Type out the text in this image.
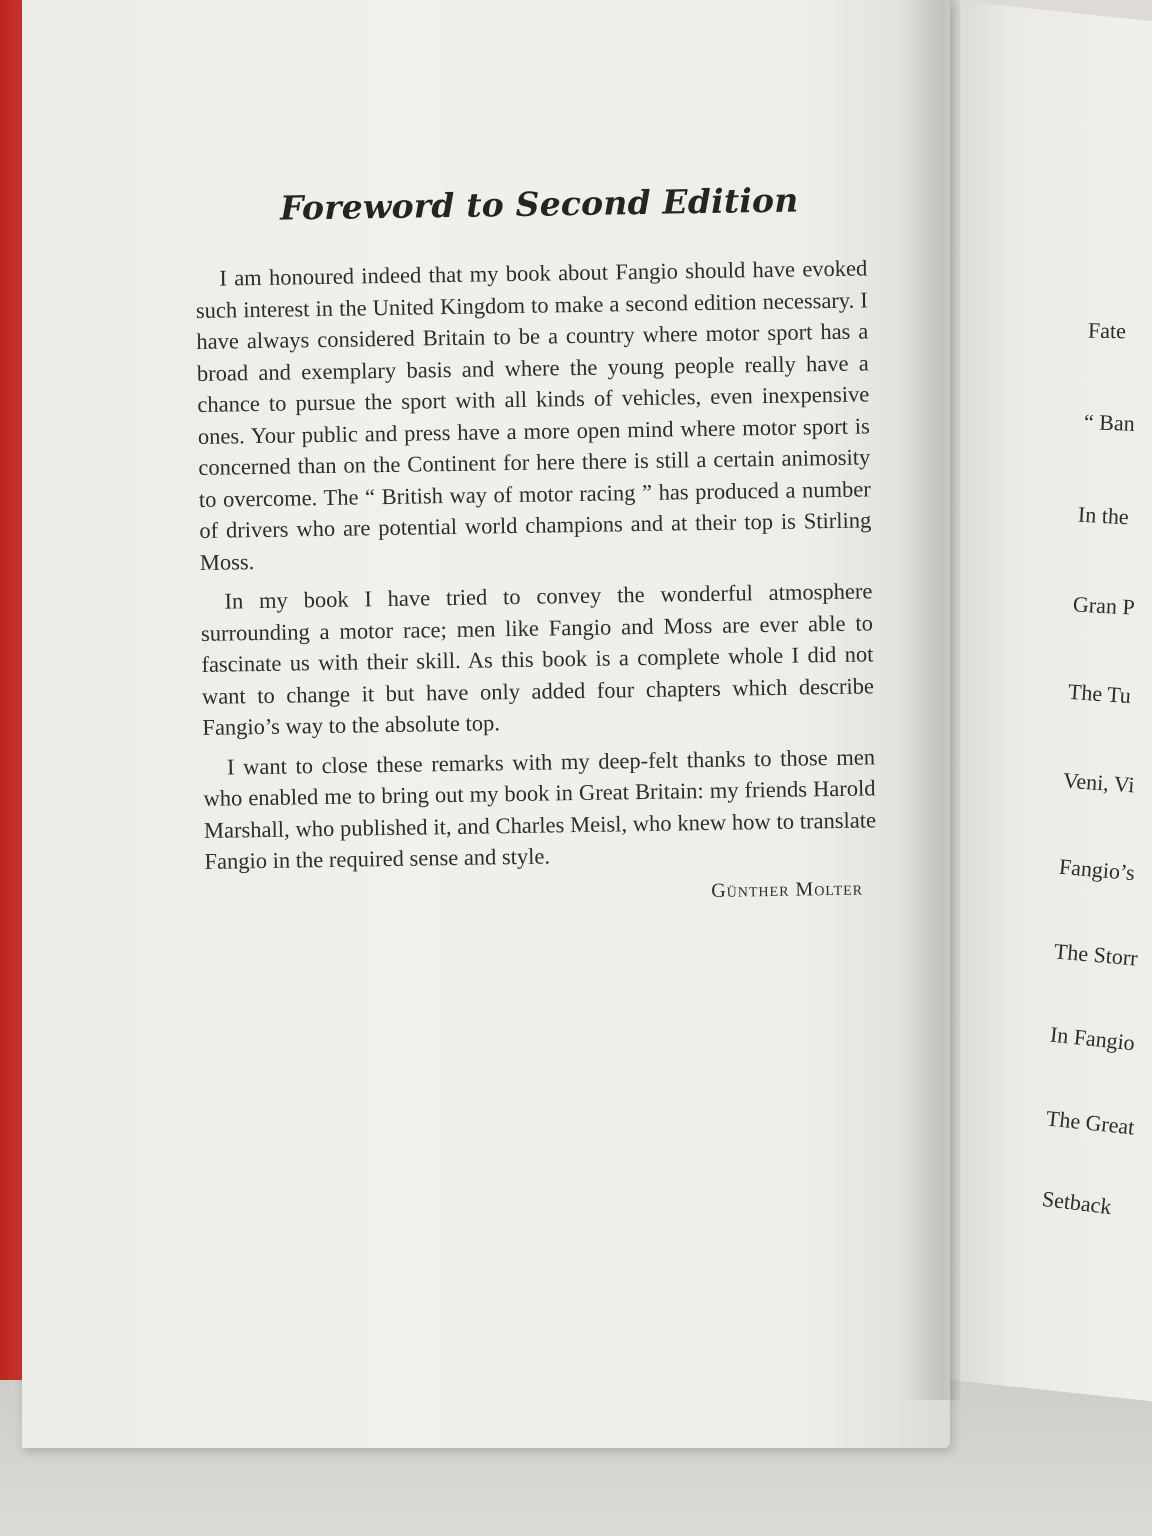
Foreword to Second Edition

I am honoured indeed that my book about Fangio should have evoked such interest in the United Kingdom to make a second edition necessary. I have always considered Britain to be a country where motor sport has a broad and exemplary basis and where the young people really have a chance to pursue the sport with all kinds of vehicles, even inexpensive ones. Your public and press have a more open mind where motor sport is concerned than on the Continent for here there is still a certain animosity to overcome. The “ British way of motor racing ” has produced a number of drivers who are potential world champions and at their top is Stirling Moss.

In my book I have tried to convey the wonderful atmosphere surrounding a motor race; men like Fangio and Moss are ever able to fascinate us with their skill. As this book is a complete whole I did not want to change it but have only added four chapters which describe Fangio’s way to the absolute top.

I want to close these remarks with my deep-felt thanks to those men who enabled me to bring out my book in Great Britain: my friends Harold Marshall, who published it, and Charles Meisl, who knew how to translate Fangio in the required sense and style.

Günther Molter
Fate
“ Ban
In the
Gran P
The Tu
Veni, Vi
Fangio’s
The Storr
In Fangio
The Great
Setback
